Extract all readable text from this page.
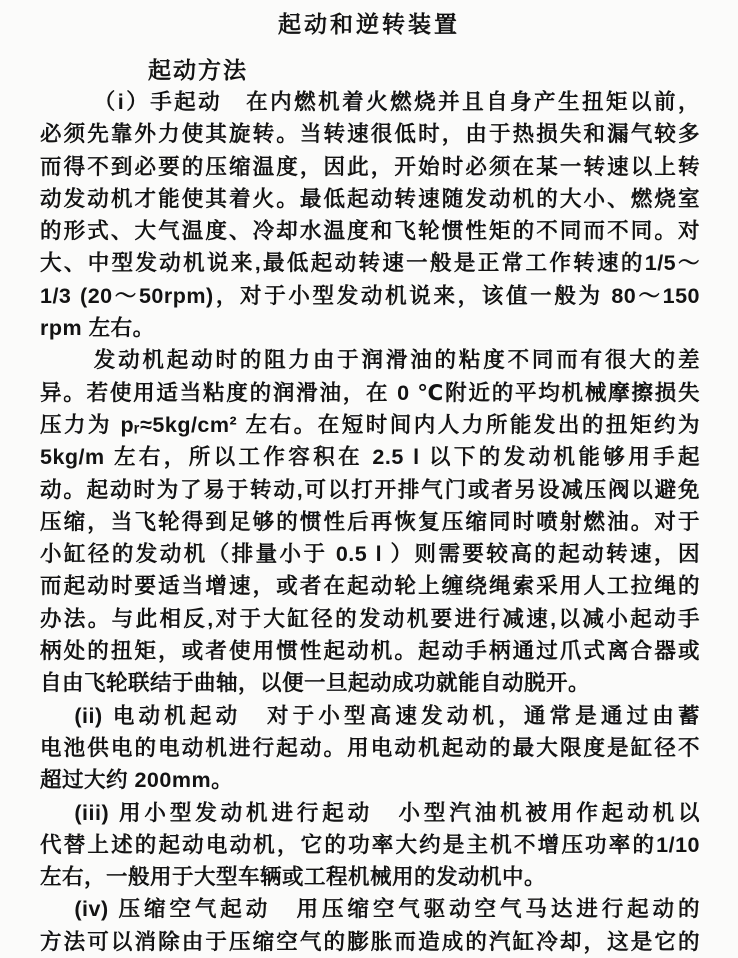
起动和逆转装置
起动方法
（i）手起动　在内燃机着火燃烧并且自身产生扭矩以前，
必须先靠外力使其旋转。当转速很低时，由于热损失和漏气较多
而得不到必要的压缩温度，因此，开始时必须在某一转速以上转
动发动机才能使其着火。最低起动转速随发动机的大小、燃烧室
的形式、大气温度、冷却水温度和飞轮惯性矩的不同而不同。对
大、中型发动机说来,最低起动转速一般是正常工作转速的1/5～
1/3 (20～50rpm)，对于小型发动机说来，该值一般为 80～150
rpm 左右。
发动机起动时的阻力由于润滑油的粘度不同而有很大的差
异。若使用适当粘度的润滑油，在 0 ℃附近的平均机械摩擦损失
压力为 pᵣ≈5kg/cm² 左右。在短时间内人力所能发出的扭矩约为
5kg/m 左右，所以工作容积在 2.5 l 以下的发动机能够用手起
动。起动时为了易于转动,可以打开排气门或者另设减压阀以避免
压缩，当飞轮得到足够的惯性后再恢复压缩同时喷射燃油。对于
小缸径的发动机（排量小于 0.5 l ）则需要较高的起动转速，因
而起动时要适当增速，或者在起动轮上缠绕绳索采用人工拉绳的
办法。与此相反,对于大缸径的发动机要进行减速,以减小起动手
柄处的扭矩，或者使用惯性起动机。起动手柄通过爪式离合器或
自由飞轮联结于曲轴，以便一旦起动成功就能自动脱开。
(ii) 电动机起动　对于小型高速发动机，通常是通过由蓄
电池供电的电动机进行起动。用电动机起动的最大限度是缸径不
超过大约 200mm。
(iii) 用小型发动机进行起动　小型汽油机被用作起动机以
代替上述的起动电动机，它的功率大约是主机不增压功率的1/10
左右，一般用于大型车辆或工程机械用的发动机中。
(iv) 压缩空气起动　用压缩空气驱动空气马达进行起动的
方法可以消除由于压缩空气的膨胀而造成的汽缸冷却，这是它的
